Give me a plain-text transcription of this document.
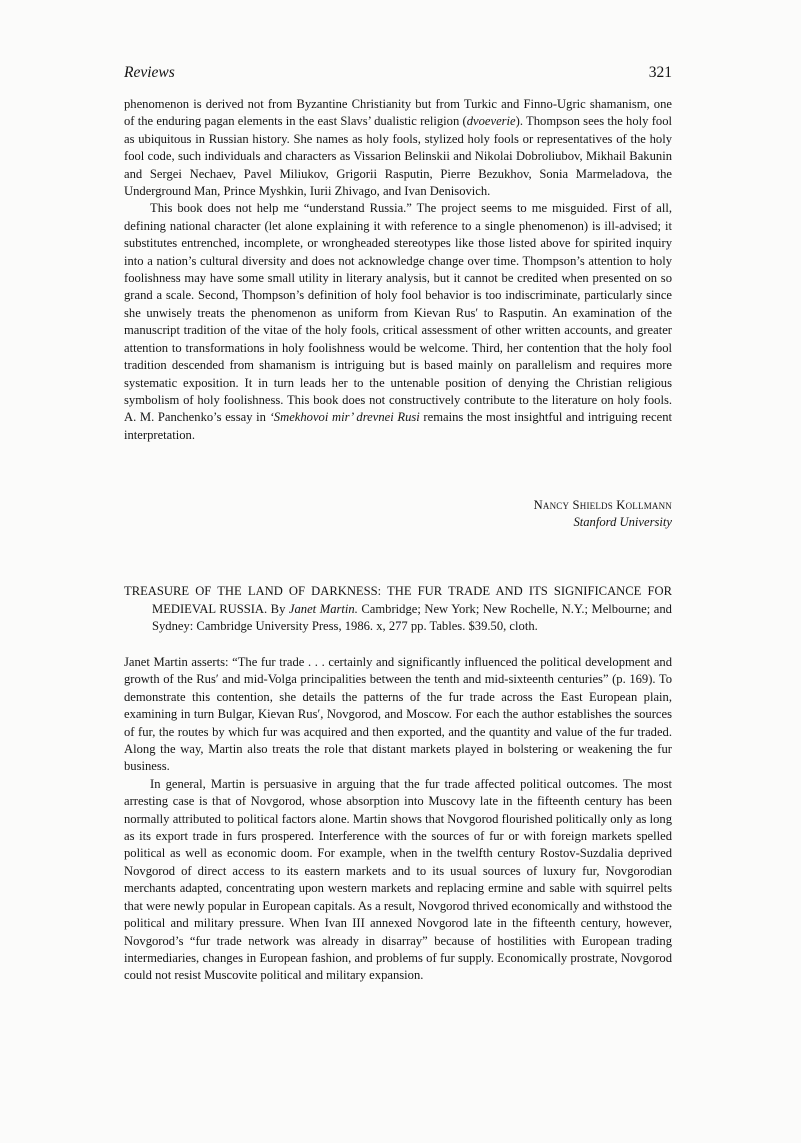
Reviews	321

phenomenon is derived not from Byzantine Christianity but from Turkic and Finno-Ugric shamanism, one of the enduring pagan elements in the east Slavs’ dualistic religion (dvoeverie). Thompson sees the holy fool as ubiquitous in Russian history. She names as holy fools, stylized holy fools or representatives of the holy fool code, such individuals and characters as Vissarion Belinskii and Nikolai Dobroliubov, Mikhail Bakunin and Sergei Nechaev, Pavel Miliukov, Grigorii Rasputin, Pierre Bezukhov, Sonia Marmeladova, the Underground Man, Prince Myshkin, Iurii Zhivago, and Ivan Denisovich.

This book does not help me “understand Russia.” The project seems to me misguided. First of all, defining national character (let alone explaining it with reference to a single phenomenon) is ill-advised; it substitutes entrenched, incomplete, or wrongheaded stereotypes like those listed above for spirited inquiry into a nation’s cultural diversity and does not acknowledge change over time. Thompson’s attention to holy foolishness may have some small utility in literary analysis, but it cannot be credited when presented on so grand a scale. Second, Thompson’s definition of holy fool behavior is too indiscriminate, particularly since she unwisely treats the phenomenon as uniform from Kievan Rus′ to Rasputin. An examination of the manuscript tradition of the vitae of the holy fools, critical assessment of other written accounts, and greater attention to transformations in holy foolishness would be welcome. Third, her contention that the holy fool tradition descended from shamanism is intriguing but is based mainly on parallelism and requires more systematic exposition. It in turn leads her to the untenable position of denying the Christian religious symbolism of holy foolishness. This book does not constructively contribute to the literature on holy fools. A. M. Panchenko’s essay in ‘Smekhovoi mir’ drevnei Rusi remains the most insightful and intriguing recent interpretation.

Nancy Shields Kollmann
Stanford University
TREASURE OF THE LAND OF DARKNESS: THE FUR TRADE AND ITS SIGNIFICANCE FOR MEDIEVAL RUSSIA. By Janet Martin. Cambridge; New York; New Rochelle, N.Y.; Melbourne; and Sydney: Cambridge University Press, 1986. x, 277 pp. Tables. $39.50, cloth.

Janet Martin asserts: “The fur trade . . . certainly and significantly influenced the political development and growth of the Rus′ and mid-Volga principalities between the tenth and mid-sixteenth centuries” (p. 169). To demonstrate this contention, she details the patterns of the fur trade across the East European plain, examining in turn Bulgar, Kievan Rus′, Novgorod, and Moscow. For each the author establishes the sources of fur, the routes by which fur was acquired and then exported, and the quantity and value of the fur traded. Along the way, Martin also treats the role that distant markets played in bolstering or weakening the fur business.

In general, Martin is persuasive in arguing that the fur trade affected political outcomes. The most arresting case is that of Novgorod, whose absorption into Muscovy late in the fifteenth century has been normally attributed to political factors alone. Martin shows that Novgorod flourished politically only as long as its export trade in furs prospered. Interference with the sources of fur or with foreign markets spelled political as well as economic doom. For example, when in the twelfth century Rostov-Suzdalia deprived Novgorod of direct access to its eastern markets and to its usual sources of luxury fur, Novgorodian merchants adapted, concentrating upon western markets and replacing ermine and sable with squirrel pelts that were newly popular in European capitals. As a result, Novgorod thrived economically and withstood the political and military pressure. When Ivan III annexed Novgorod late in the fifteenth century, however, Novgorod’s “fur trade network was already in disarray” because of hostilities with European trading intermediaries, changes in European fashion, and problems of fur supply. Economically prostrate, Novgorod could not resist Muscovite political and military expansion.
